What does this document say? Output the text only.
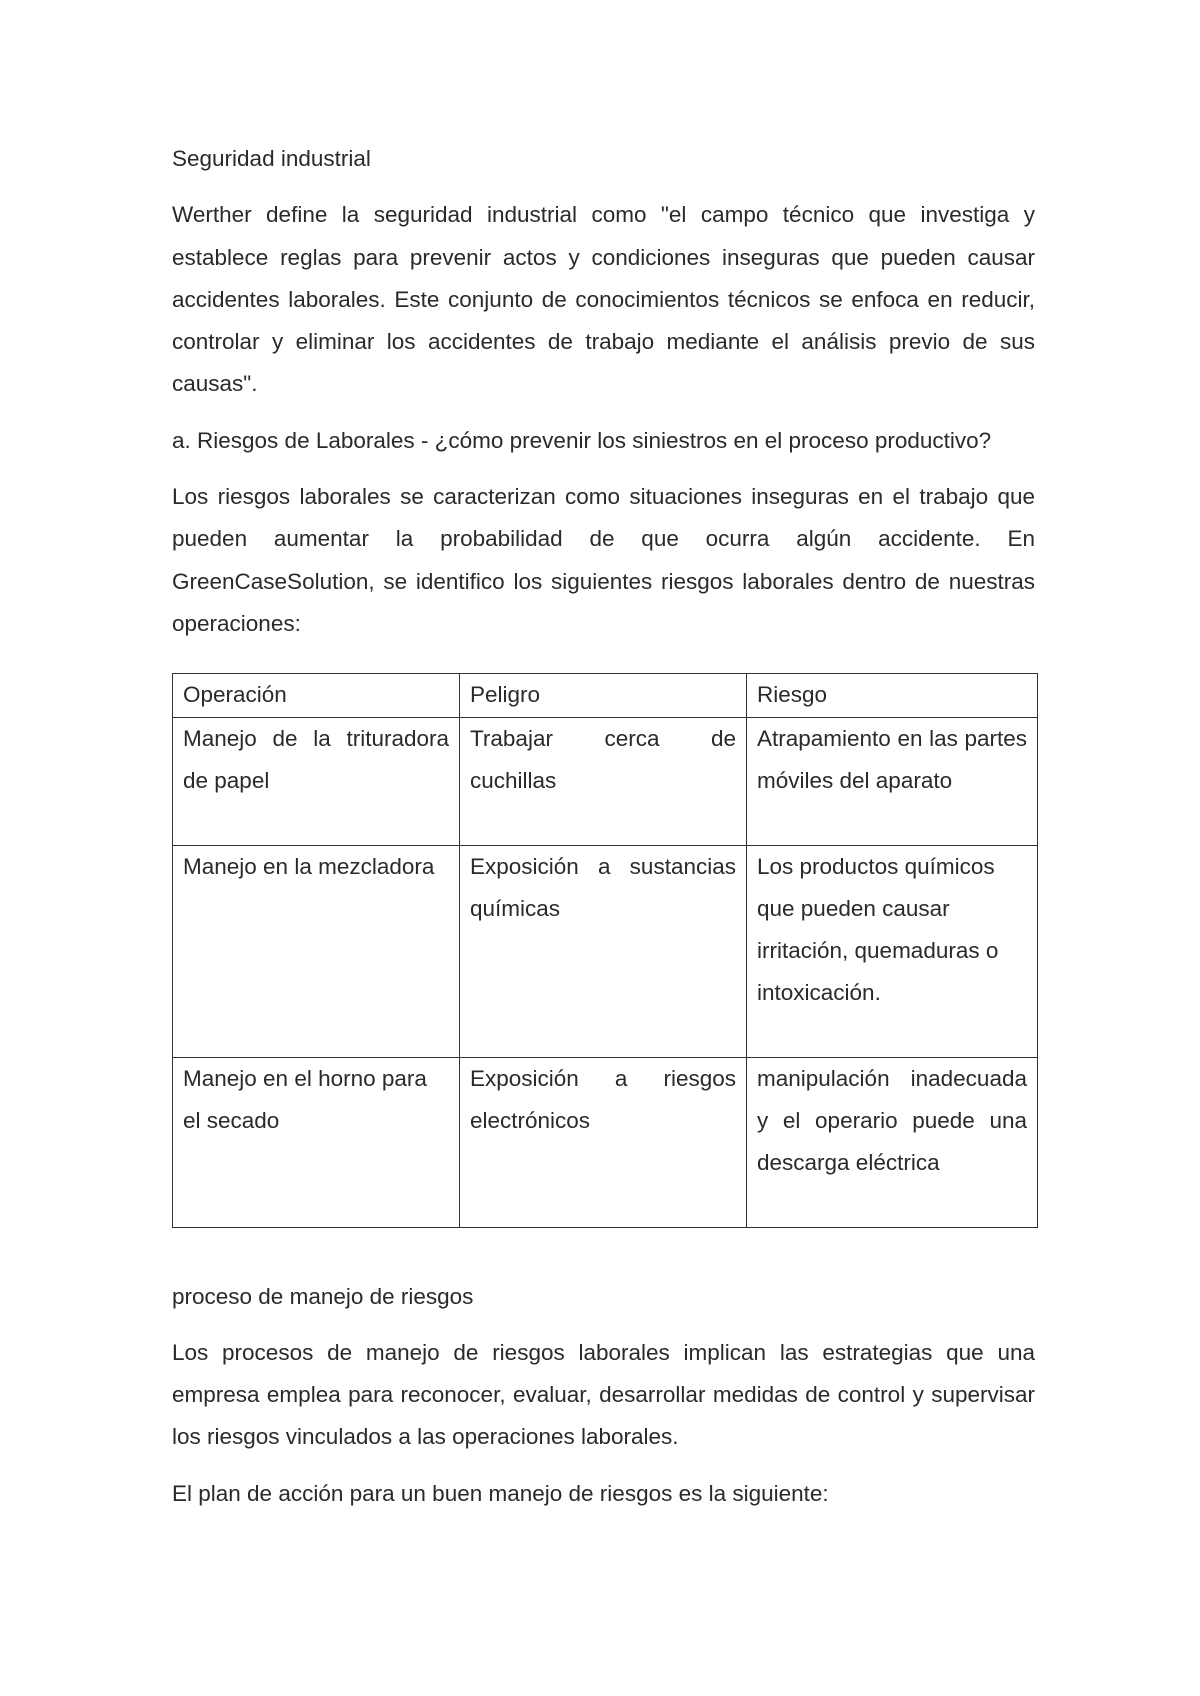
Seguridad industrial

Werther define la seguridad industrial como "el campo técnico que investiga y establece reglas para prevenir actos y condiciones inseguras que pueden causar accidentes laborales. Este conjunto de conocimientos técnicos se enfoca en reducir, controlar y eliminar los accidentes de trabajo mediante el análisis previo de sus causas".

a. Riesgos de Laborales - ¿cómo prevenir los siniestros en el proceso productivo?

Los riesgos laborales se caracterizan como situaciones inseguras en el trabajo que pueden aumentar la probabilidad de que ocurra algún accidente. En GreenCaseSolution, se identifico los siguientes riesgos laborales dentro de nuestras operaciones:

Operación	Peligro	Riesgo
Manejo de la trituradora de papel	Trabajar cerca de cuchillas	Atrapamiento en las partes móviles del aparato
Manejo en la mezcladora	Exposición a sustancias químicas	Los productos químicos que pueden causar irritación, quemaduras o intoxicación.
Manejo en el horno para el secado	Exposición a riesgos electrónicos	manipulación inadecuada y el operario puede una descarga eléctrica
proceso de manejo de riesgos

Los procesos de manejo de riesgos laborales implican las estrategias que una empresa emplea para reconocer, evaluar, desarrollar medidas de control y supervisar los riesgos vinculados a las operaciones laborales.

El plan de acción para un buen manejo de riesgos es la siguiente:
